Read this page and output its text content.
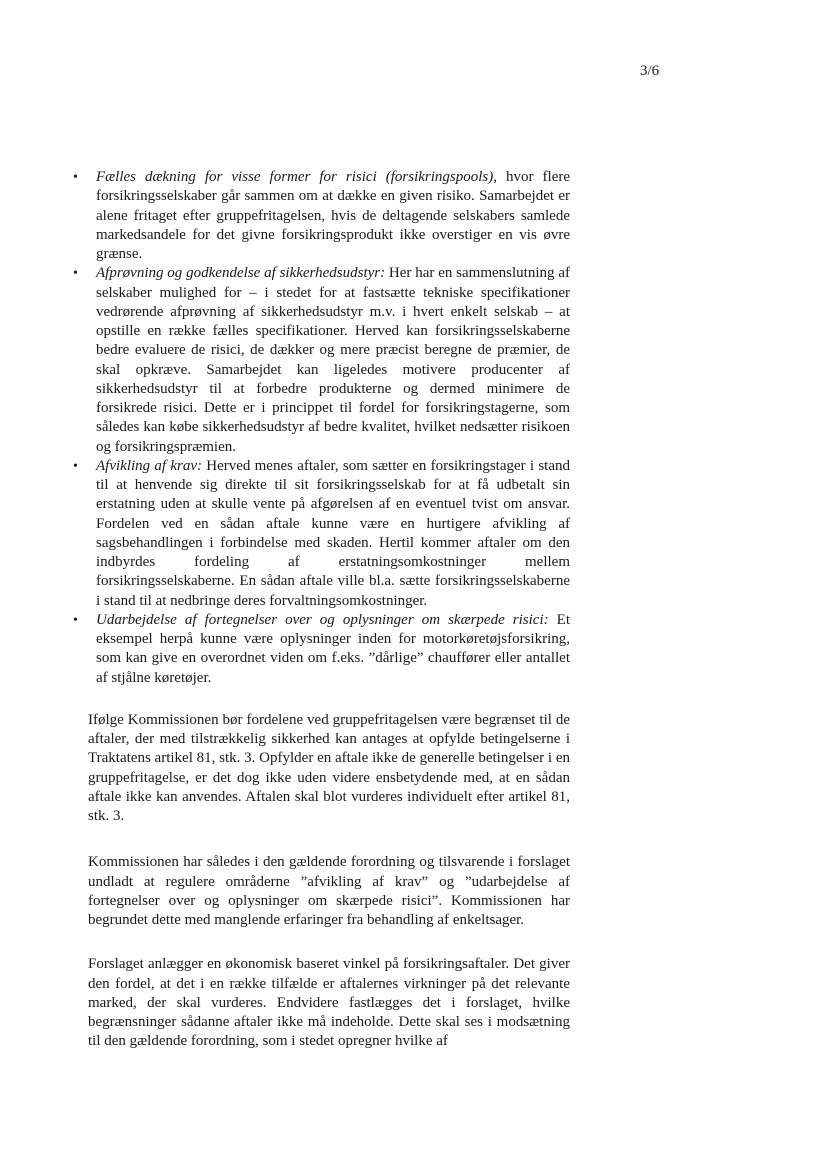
3/6
• Fælles dækning for visse former for risici (forsikringspools), hvor flere forsikringsselskaber går sammen om at dække en given risiko. Samarbejdet er alene fritaget efter gruppefritagelsen, hvis de deltagende selskabers samlede markedsandele for det givne forsikringsprodukt ikke overstiger en vis øvre grænse.
• Afprøvning og godkendelse af sikkerhedsudstyr: Her har en sammenslutning af selskaber mulighed for – i stedet for at fastsætte tekniske specifikationer vedrørende afprøvning af sikkerhedsudstyr m.v. i hvert enkelt selskab – at opstille en række fælles specifikationer. Herved kan forsikringsselskaberne bedre evaluere de risici, de dækker og mere præcist beregne de præmier, de skal opkræve. Samarbejdet kan ligeledes motivere producenter af sikkerhedsudstyr til at forbedre produkterne og dermed minimere de forsikrede risici. Dette er i princippet til fordel for forsikringstagerne, som således kan købe sikkerhedsudstyr af bedre kvalitet, hvilket nedsætter risikoen og forsikringspræmien.
• Afvikling af krav: Herved menes aftaler, som sætter en forsikringstager i stand til at henvende sig direkte til sit forsikringsselskab for at få udbetalt sin erstatning uden at skulle vente på afgørelsen af en eventuel tvist om ansvar. Fordelen ved en sådan aftale kunne være en hurtigere afvikling af sagsbehandlingen i forbindelse med skaden. Hertil kommer aftaler om den indbyrdes fordeling af erstatningsomkostninger mellem forsikringsselskaberne. En sådan aftale ville bl.a. sætte forsikringsselskaberne i stand til at nedbringe deres forvaltningsomkostninger.
• Udarbejdelse af fortegnelser over og oplysninger om skærpede risici: Et eksempel herpå kunne være oplysninger inden for motorkøretøjsforsikring, som kan give en overordnet viden om f.eks. ”dårlige” chauffører eller antallet af stjålne køretøjer.

Ifølge Kommissionen bør fordelene ved gruppefritagelsen være begrænset til de aftaler, der med tilstrækkelig sikkerhed kan antages at opfylde betingelserne i Traktatens artikel 81, stk. 3. Opfylder en aftale ikke de generelle betingelser i en gruppefritagelse, er det dog ikke uden videre ensbetydende med, at en sådan aftale ikke kan anvendes. Aftalen skal blot vurderes individuelt efter artikel 81, stk. 3.

Kommissionen har således i den gældende forordning og tilsvarende i forslaget undladt at regulere områderne ”afvikling af krav” og ”udarbejdelse af fortegnelser over og oplysninger om skærpede risici”. Kommissionen har begrundet dette med manglende erfaringer fra behandling af enkeltsager.

Forslaget anlægger en økonomisk baseret vinkel på forsikringsaftaler. Det giver den fordel, at det i en række tilfælde er aftalernes virkninger på det relevante marked, der skal vurderes. Endvidere fastlægges det i forslaget, hvilke begrænsninger sådanne aftaler ikke må indeholde. Dette skal ses i modsætning til den gældende forordning, som i stedet opregner hvilke af
